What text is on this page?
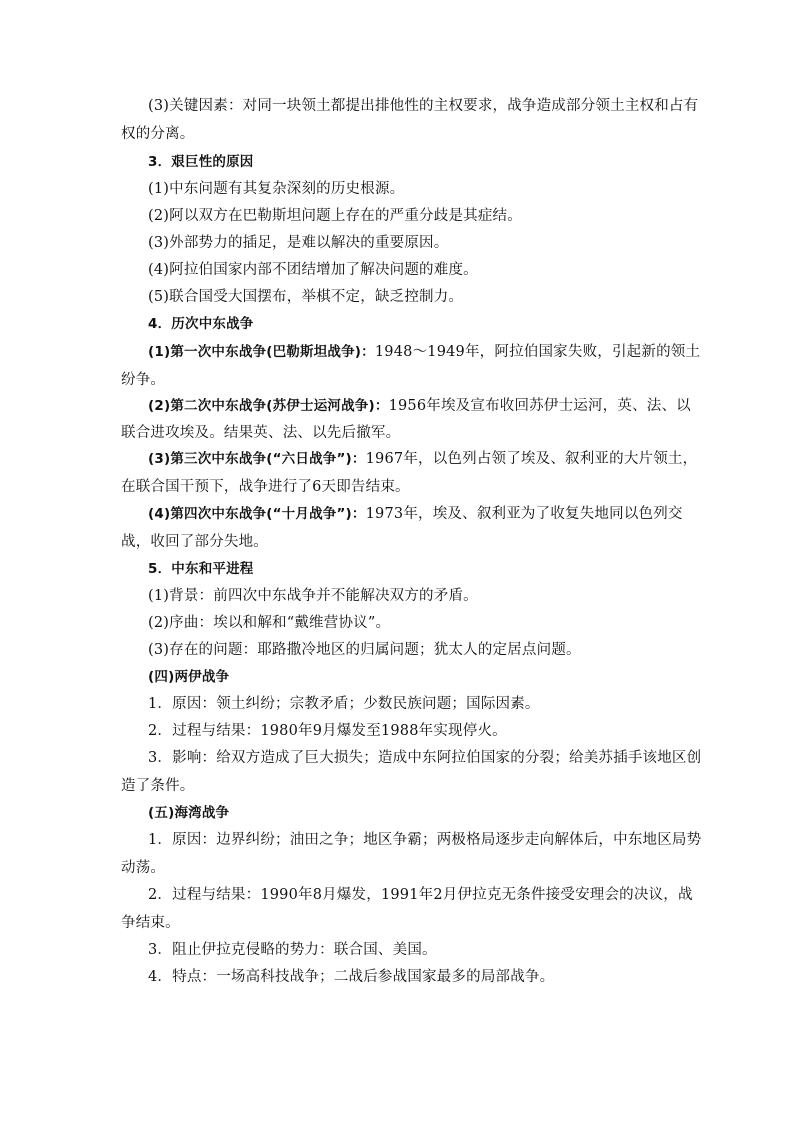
(3)关键因素：对同一块领土都提出排他性的主权要求，战争造成部分领土主权和占有
权的分离。
3．艰巨性的原因
(1)中东问题有其复杂深刻的历史根源。
(2)阿以双方在巴勒斯坦问题上存在的严重分歧是其症结。
(3)外部势力的插足，是难以解决的重要原因。
(4)阿拉伯国家内部不团结增加了解决问题的难度。
(5)联合国受大国摆布，举棋不定，缺乏控制力。
4．历次中东战争
(1)第一次中东战争(巴勒斯坦战争)：1948～1949年，阿拉伯国家失败，引起新的领土
纷争。
(2)第二次中东战争(苏伊士运河战争)：1956年埃及宣布收回苏伊士运河，英、法、以
联合进攻埃及。结果英、法、以先后撤军。
(3)第三次中东战争(“六日战争”)：1967年，以色列占领了埃及、叙利亚的大片领土，
在联合国干预下，战争进行了6天即告结束。
(4)第四次中东战争(“十月战争”)：1973年，埃及、叙利亚为了收复失地同以色列交
战，收回了部分失地。
5．中东和平进程
(1)背景：前四次中东战争并不能解决双方的矛盾。
(2)序曲：埃以和解和“戴维营协议”。
(3)存在的问题：耶路撒冷地区的归属问题；犹太人的定居点问题。
(四)两伊战争
1．原因：领土纠纷；宗教矛盾；少数民族问题；国际因素。
2．过程与结果：1980年9月爆发至1988年实现停火。
3．影响：给双方造成了巨大损失；造成中东阿拉伯国家的分裂；给美苏插手该地区创
造了条件。
(五)海湾战争
1．原因：边界纠纷；油田之争；地区争霸；两极格局逐步走向解体后，中东地区局势
动荡。
2．过程与结果：1990年8月爆发，1991年2月伊拉克无条件接受安理会的决议，战
争结束。
3．阻止伊拉克侵略的势力：联合国、美国。
4．特点：一场高科技战争；二战后参战国家最多的局部战争。
